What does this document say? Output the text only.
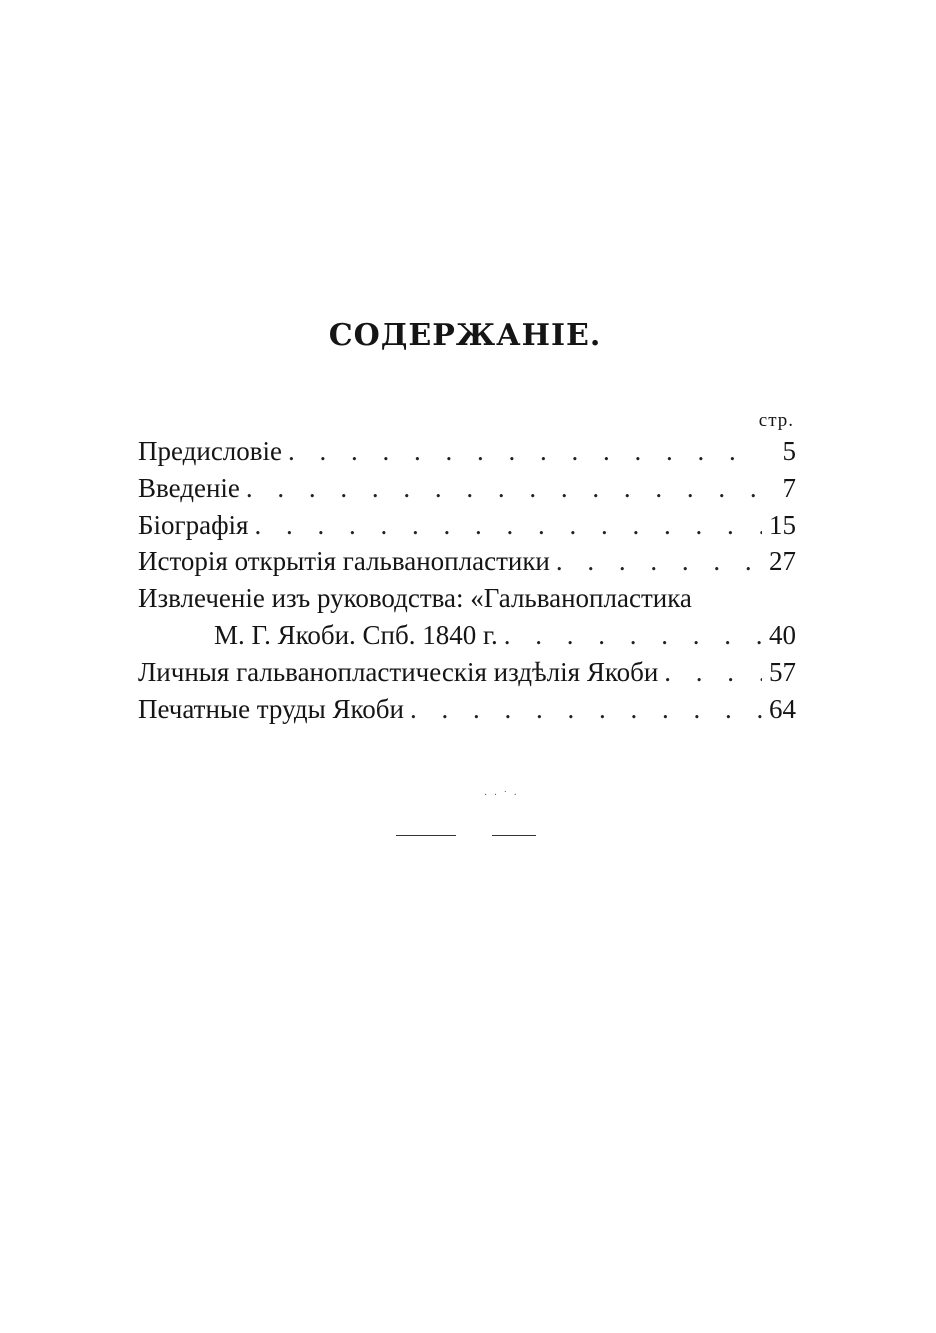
СОДЕРЖАНІЕ.
стр.
Предисловіе . . .	5
Введеніе . . .	7
Біографія . . .	15
Исторія открытія гальванопластики . . .	27
Извлеченіе изъ руководства: «Гальванопластика
М. Г. Якоби. Спб. 1840 г. . . .	40
Личныя гальванопластическія издѣлія Якоби . . .	57
Печатные труды Якоби . . .	64
· · ˙ ·
